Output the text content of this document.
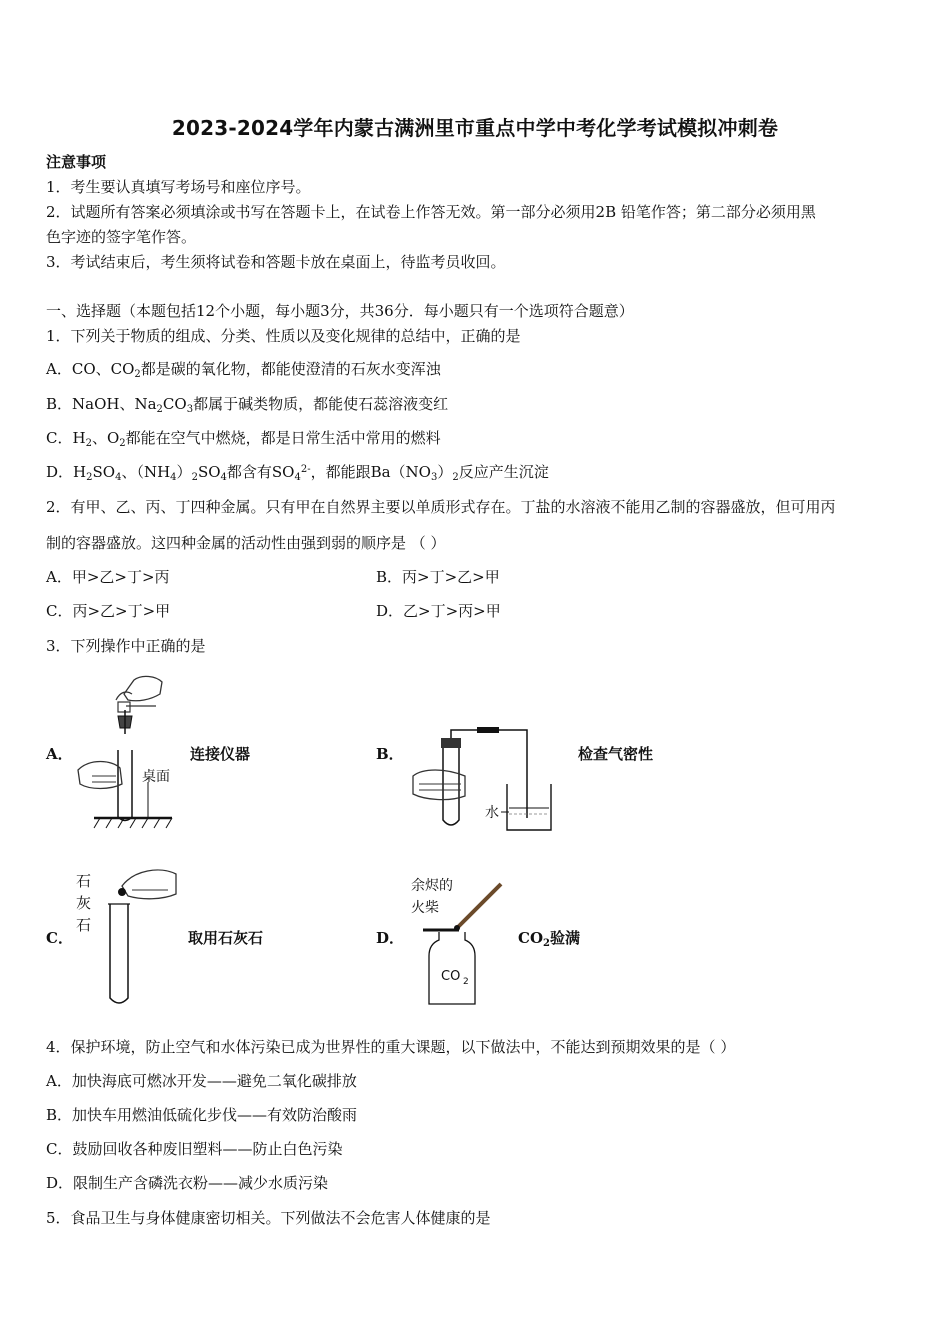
2023-2024学年内蒙古满洲里市重点中学中考化学考试模拟冲刺卷
注意事项
1．考生要认真填写考场号和座位序号。
2．试题所有答案必须填涂或书写在答题卡上，在试卷上作答无效。第一部分必须用2B 铅笔作答；第二部分必须用黑
色字迹的签字笔作答。
3．考试结束后，考生须将试卷和答题卡放在桌面上，待监考员收回。
一、选择题（本题包括12个小题，每小题3分，共36分．每小题只有一个选项符合题意）
1．下列关于物质的组成、分类、性质以及变化规律的总结中，正确的是
A．CO、$CO_2$都是碳的氧化物，都能使澄清的石灰水变浑浊
B．NaOH、$Na_2CO_3$都属于碱类物质，都能使石蕊溶液变红
C．$H_2$、$O_2$都能在空气中燃烧，都是日常生活中常用的燃料
D．$H_2SO_4$、$(NH_4)_2SO_4$都含有$SO_4^{2-}$，都能跟$Ba(NO_3)_2$反应产生沉淀
2．有甲、乙、丙、丁四种金属。只有甲在自然界主要以单质形式存在。丁盐的水溶液不能用乙制的容器盛放，但可用丙
制的容器盛放。这四种金属的活动性由强到弱的顺序是 （ ）
A．甲>乙>丁>丙	B．丙>丁>乙>甲
C．丙>乙>丁>甲	D．乙>丁>丙>甲
3．下列操作中正确的是
A．
桌面
连接仪器	B．
水
检查气密性
C．
石
灰
石
取用石灰石	D．
余烬的
火柴
CO 2
$CO_2$验满
4．保护环境，防止空气和水体污染已成为世界性的重大课题，以下做法中，不能达到预期效果的是（ ）
A．加快海底可燃冰开发——避免二氧化碳排放
B．加快车用燃油低硫化步伐——有效防治酸雨
C．鼓励回收各种废旧塑料——防止白色污染
D．限制生产含磷洗衣粉——减少水质污染
5．食品卫生与身体健康密切相关。下列做法不会危害人体健康的是
